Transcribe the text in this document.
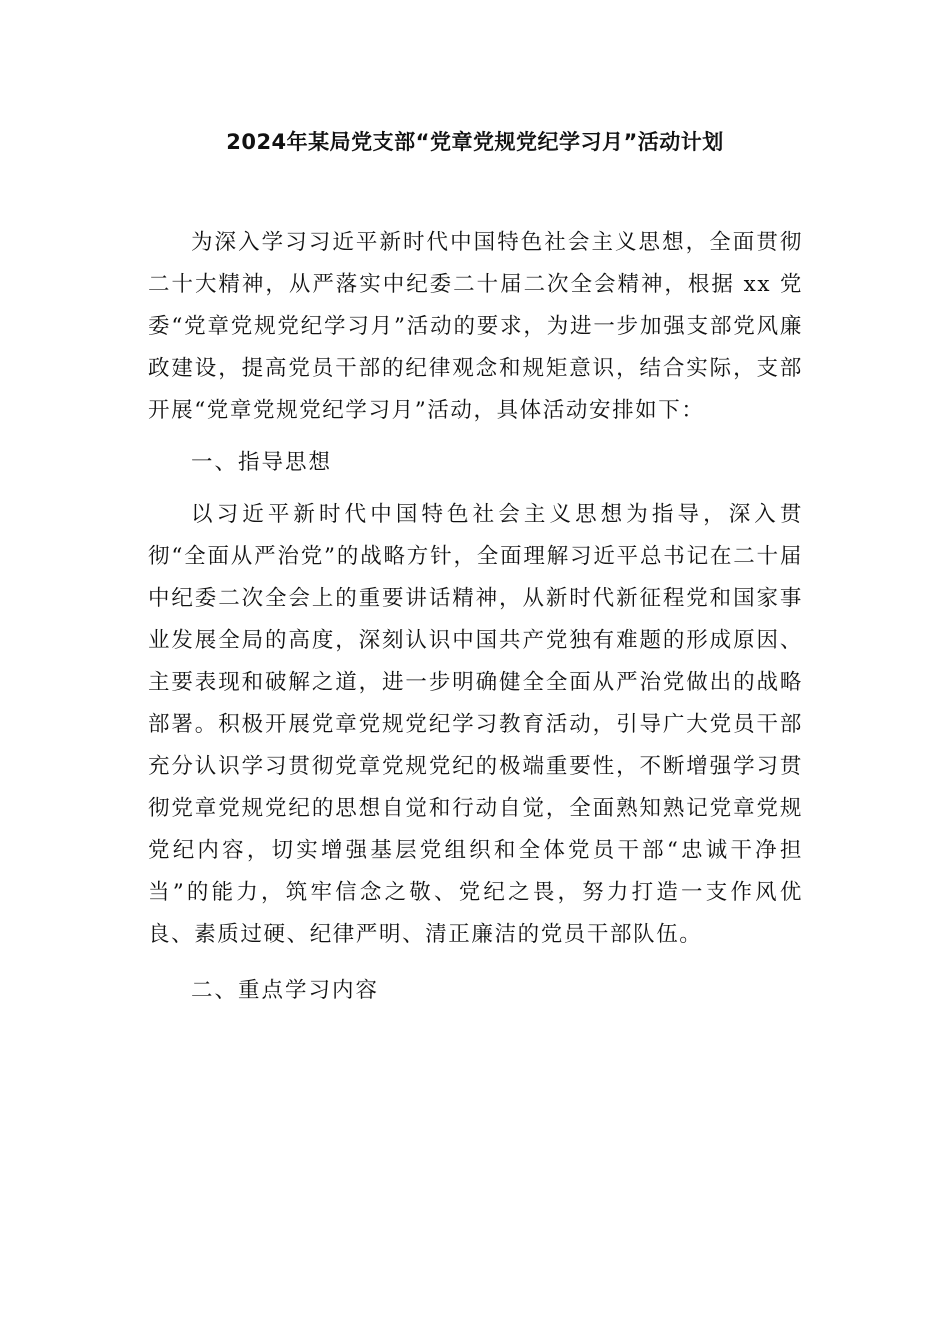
2024年某局党支部“党章党规党纪学习月”活动计划

为深入学习习近平新时代中国特色社会主义思想，全面贯彻二十大精神，从严落实中纪委二十届二次全会精神，根据 xx 党委“党章党规党纪学习月”活动的要求，为进一步加强支部党风廉政建设，提高党员干部的纪律观念和规矩意识，结合实际，支部开展“党章党规党纪学习月”活动，具体活动安排如下：

一、指导思想

以习近平新时代中国特色社会主义思想为指导，深入贯彻“全面从严治党”的战略方针，全面理解习近平总书记在二十届中纪委二次全会上的重要讲话精神，从新时代新征程党和国家事业发展全局的高度，深刻认识中国共产党独有难题的形成原因、主要表现和破解之道，进一步明确健全全面从严治党做出的战略部署。积极开展党章党规党纪学习教育活动，引导广大党员干部充分认识学习贯彻党章党规党纪的极端重要性，不断增强学习贯彻党章党规党纪的思想自觉和行动自觉，全面熟知熟记党章党规党纪内容，切实增强基层党组织和全体党员干部“忠诚干净担当”的能力，筑牢信念之敬、党纪之畏，努力打造一支作风优良、素质过硬、纪律严明、清正廉洁的党员干部队伍。

二、重点学习内容
